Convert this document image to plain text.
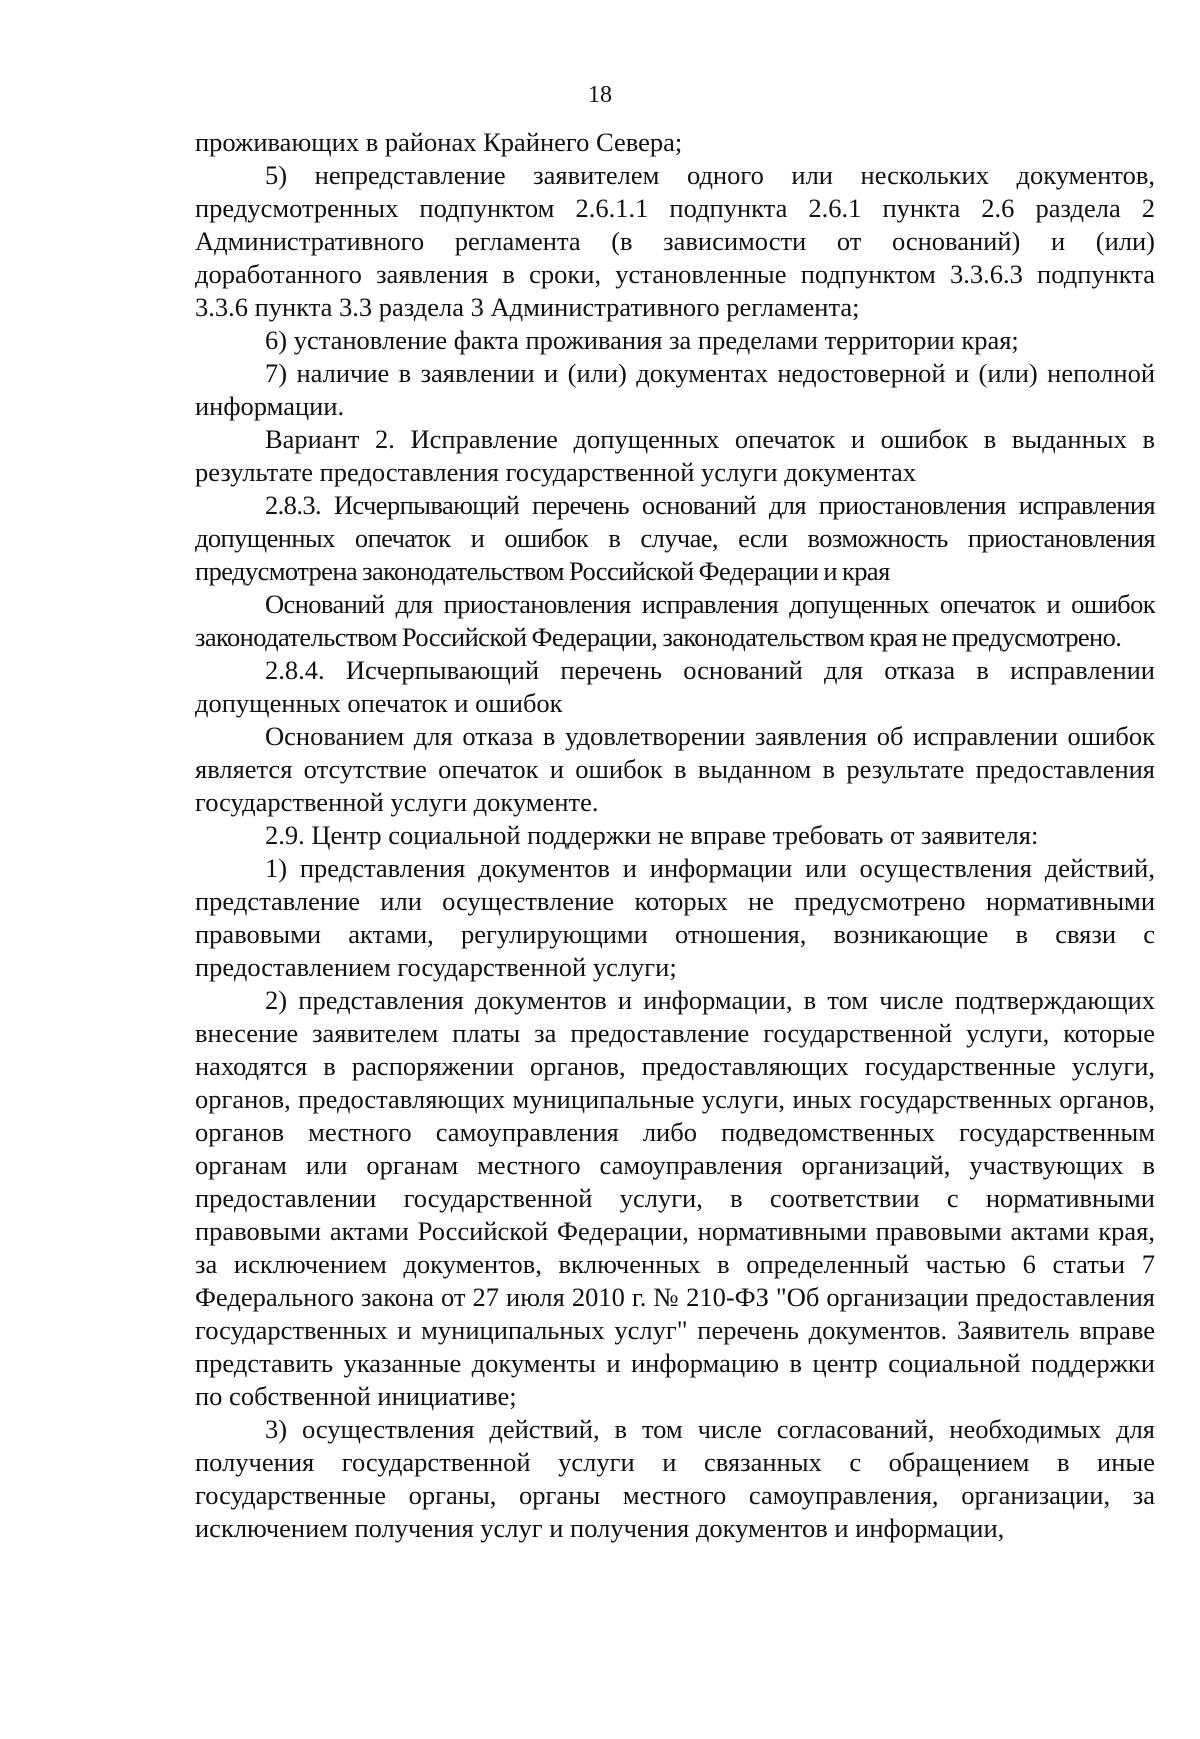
18

проживающих в районах Крайнего Севера;

5) непредставление заявителем одного или нескольких документов, предусмотренных подпунктом 2.6.1.1 подпункта 2.6.1 пункта 2.6 раздела 2 Административного регламента (в зависимости от оснований) и (или) доработанного заявления в сроки, установленные подпунктом 3.3.6.3 подпункта 3.3.6 пункта 3.3 раздела 3 Административного регламента;

6) установление факта проживания за пределами территории края;

7) наличие в заявлении и (или) документах недостоверной и (или) неполной информации.

Вариант 2. Исправление допущенных опечаток и ошибок в выданных в результате предоставления государственной услуги документах

2.8.3. Исчерпывающий перечень оснований для приостановления исправления допущенных опечаток и ошибок в случае, если возможность приостановления предусмотрена законодательством Российской Федерации и края

Оснований для приостановления исправления допущенных опечаток и ошибок законодательством Российской Федерации, законодательством края не предусмотрено.

2.8.4. Исчерпывающий перечень оснований для отказа в исправлении допущенных опечаток и ошибок

Основанием для отказа в удовлетворении заявления об исправлении ошибок является отсутствие опечаток и ошибок в выданном в результате предоставления государственной услуги документе.

2.9. Центр социальной поддержки не вправе требовать от заявителя:

1) представления документов и информации или осуществления действий, представление или осуществление которых не предусмотрено нормативными правовыми актами, регулирующими отношения, возникающие в связи с предоставлением государственной услуги;

2) представления документов и информации, в том числе подтверждающих внесение заявителем платы за предоставление государственной услуги, которые находятся в распоряжении органов, предоставляющих государственные услуги, органов, предоставляющих муниципальные услуги, иных государственных органов, органов местного самоуправления либо подведомственных государственным органам или органам местного самоуправления организаций, участвующих в предоставлении государственной услуги, в соответствии с нормативными правовыми актами Российской Федерации, нормативными правовыми актами края, за исключением документов, включенных в определенный частью 6 статьи 7 Федерального закона от 27 июля 2010 г. № 210-ФЗ "Об организации предоставления государственных и муниципальных услуг" перечень документов. Заявитель вправе представить указанные документы и информацию в центр социальной поддержки по собственной инициативе;

3) осуществления действий, в том числе согласований, необходимых для получения государственной услуги и связанных с обращением в иные государственные органы, органы местного самоуправления, организации, за исключением получения услуг и получения документов и информации,
